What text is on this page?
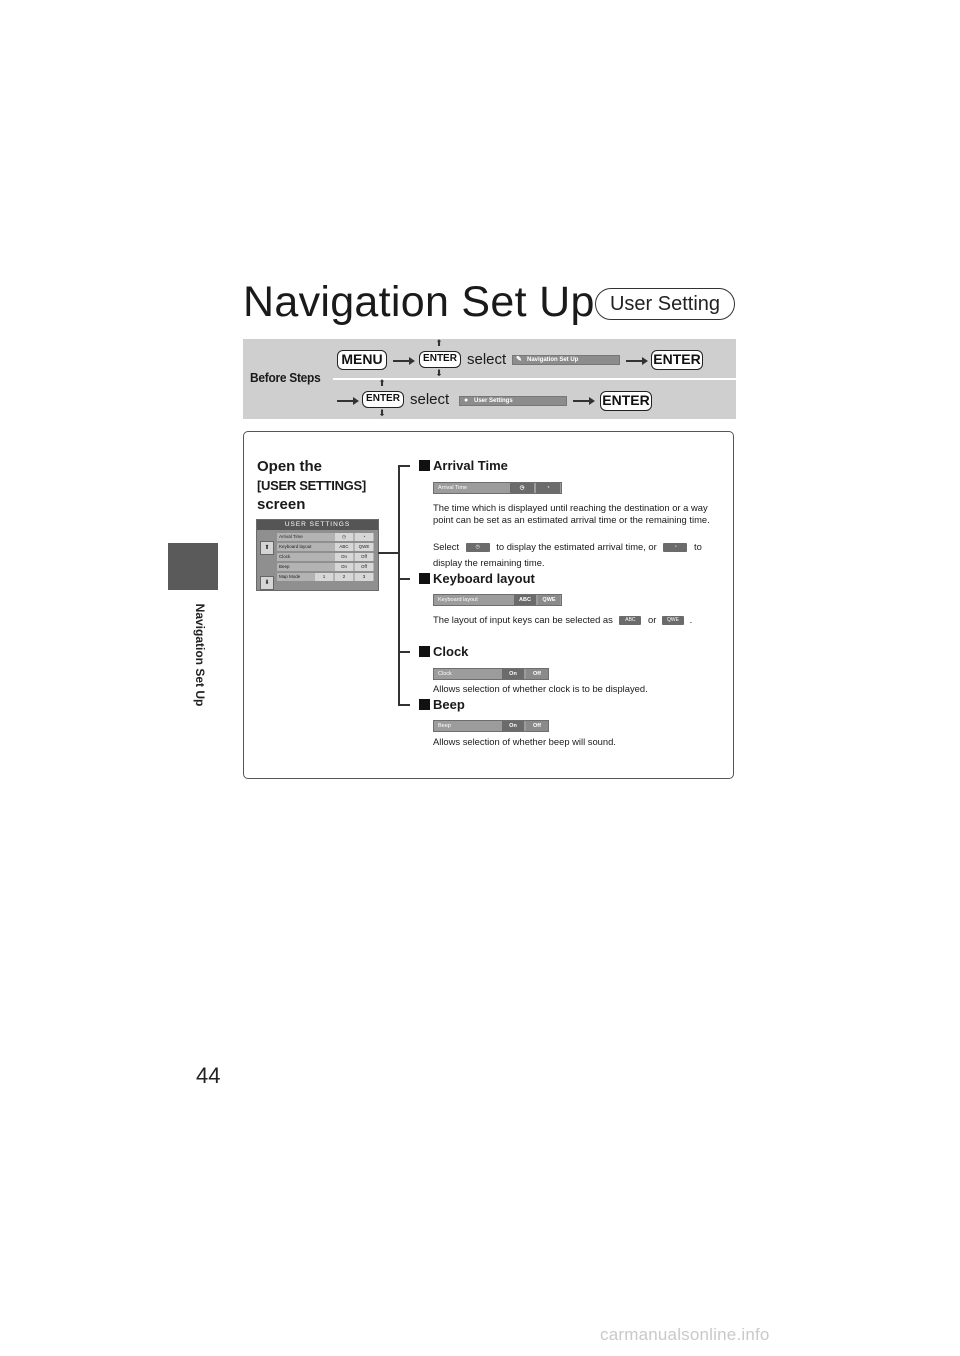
Navigation Set Up
44
Navigation Set Up User Setting
Before Steps
MENU
⬆
ENTER
⬇
select ✎ Navigation Set Up	ENTER
⬆
ENTER
⬇
select ● User Settings	ENTER
Open the
[USER SETTINGS]
screen
USER SETTINGS
⬆
⬇
Arrival Time	◷	◔
Keyboard layout	ABC	QWE
Clock	On	Off
Beep	On	Off
Map Mode	1	2	3
Arrival Time
Arrival Time	◷	◔
The time which is displayed until reaching the destination or a way point can be set as an estimated arrival time or the remaining time.
Select	◷ to display the estimated arrival time, or	◔ to
display the remaining time.
Keyboard layout
Keyboard layout	ABC	QWE
The layout of input keys can be selected as ABC or QWE .
Clock
Clock	On	Off
Allows selection of whether clock is to be displayed.
Beep
Beep	On	Off
Allows selection of whether beep will sound.
carmanualsonline.info
